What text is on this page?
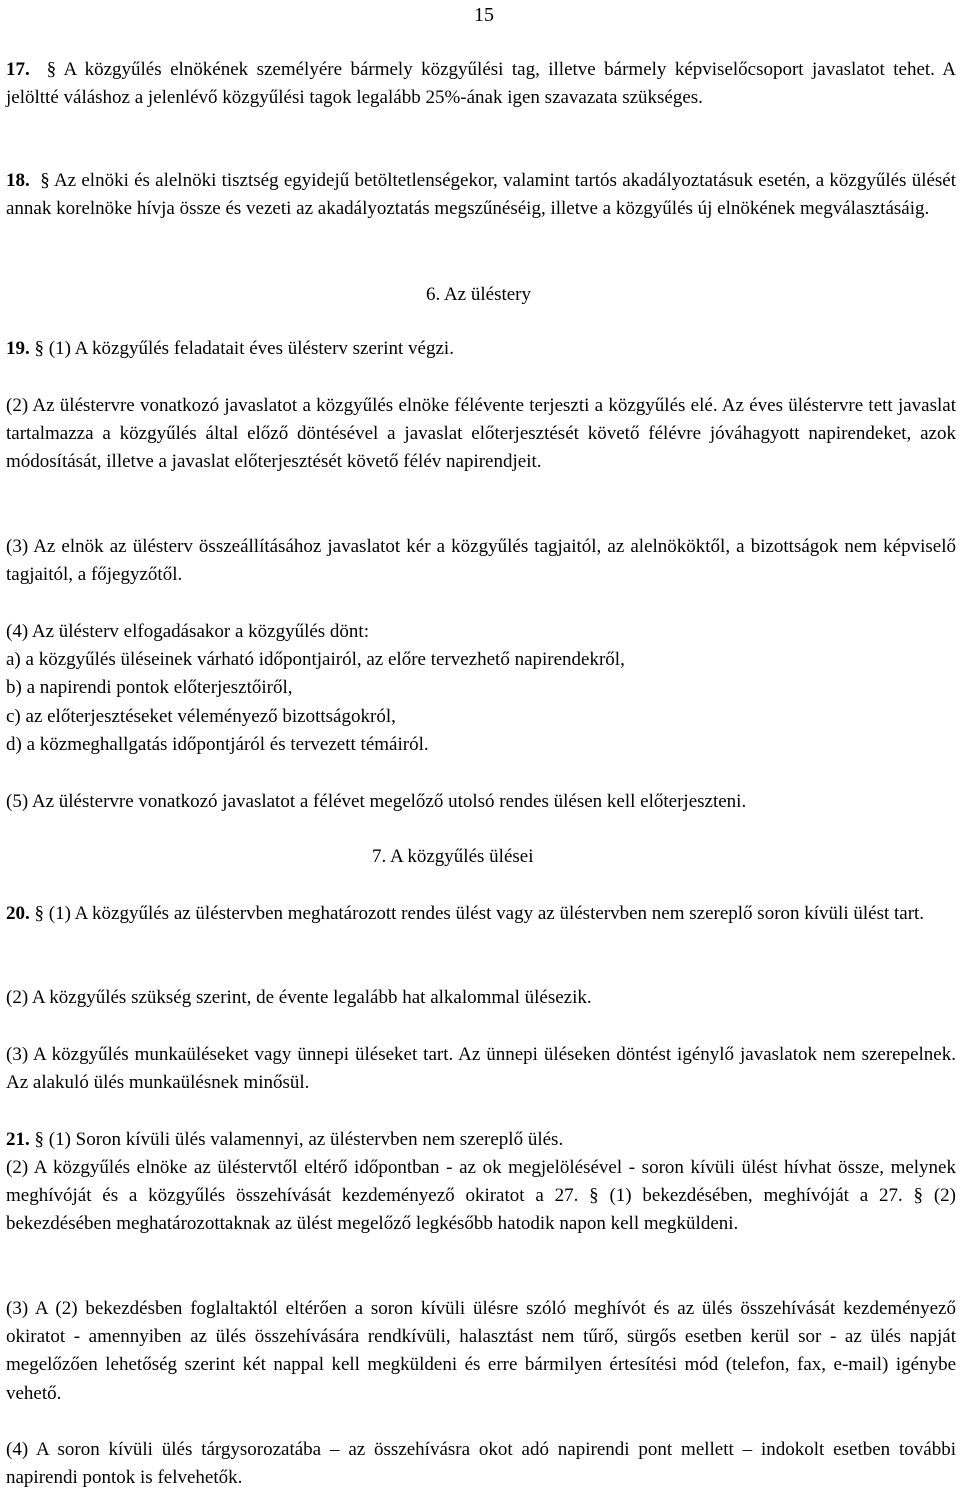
15

17. § A közgyűlés elnökének személyére bármely közgyűlési tag, illetve bármely képviselőcsoport javaslatot tehet. A jelöltté váláshoz a jelenlévő közgyűlési tagok legalább 25%-ának igen szavazata szükséges.

18. § Az elnöki és alelnöki tisztség egyidejű betöltetlenségekor, valamint tartós akadályoztatásuk esetén, a közgyűlés ülését annak korelnöke hívja össze és vezeti az akadályoztatás megszűnéséig, illetve a közgyűlés új elnökének megválasztásáig.

6. Az üléstery

19. § (1) A közgyűlés feladatait éves ülésterv szerint végzi.

(2) Az üléstervre vonatkozó javaslatot a közgyűlés elnöke félévente terjeszti a közgyűlés elé. Az éves üléstervre tett javaslat tartalmazza a közgyűlés által előző döntésével a javaslat előterjesztését követő félévre jóváhagyott napirendeket, azok módosítását, illetve a javaslat előterjesztését követő félév napirendjeit.

(3) Az elnök az ülésterv összeállításához javaslatot kér a közgyűlés tagjaitól, az alelnököktől, a bizottságok nem képviselő tagjaitól, a főjegyzőtől.

(4) Az ülésterv elfogadásakor a közgyűlés dönt:
a) a közgyűlés üléseinek várható időpontjairól, az előre tervezhető napirendekről,
b) a napirendi pontok előterjesztőiről,
c) az előterjesztéseket véleményező bizottságokról,
d) a közmeghallgatás időpontjáról és tervezett témáiról.

(5) Az üléstervre vonatkozó javaslatot a félévet megelőző utolsó rendes ülésen kell előterjeszteni.

7. A közgyűlés ülései

20. § (1) A közgyűlés az üléstervben meghatározott rendes ülést vagy az üléstervben nem szereplő soron kívüli ülést tart.

(2) A közgyűlés szükség szerint, de évente legalább hat alkalommal ülésezik.

(3) A közgyűlés munkaüléseket vagy ünnepi üléseket tart. Az ünnepi üléseken döntést igénylő javaslatok nem szerepelnek. Az alakuló ülés munkaülésnek minősül.

21. § (1) Soron kívüli ülés valamennyi, az üléstervben nem szereplő ülés.

(2) A közgyűlés elnöke az üléstervtől eltérő időpontban - az ok megjelölésével - soron kívüli ülést hívhat össze, melynek meghívóját és a közgyűlés összehívását kezdeményező okiratot a 27. § (1) bekezdésében, meghívóját a 27. § (2) bekezdésében meghatározottaknak az ülést megelőző legkésőbb hatodik napon kell megküldeni.

(3) A (2) bekezdésben foglaltaktól eltérően a soron kívüli ülésre szóló meghívót és az ülés összehívását kezdeményező okiratot - amennyiben az ülés összehívására rendkívüli, halasztást nem tűrő, sürgős esetben kerül sor - az ülés napját megelőzően lehetőség szerint két nappal kell megküldeni és erre bármilyen értesítési mód (telefon, fax, e-mail) igénybe vehető.

(4) A soron kívüli ülés tárgysorozatába – az összehívásra okot adó napirendi pont mellett – indokolt esetben további napirendi pontok is felvehetők.
